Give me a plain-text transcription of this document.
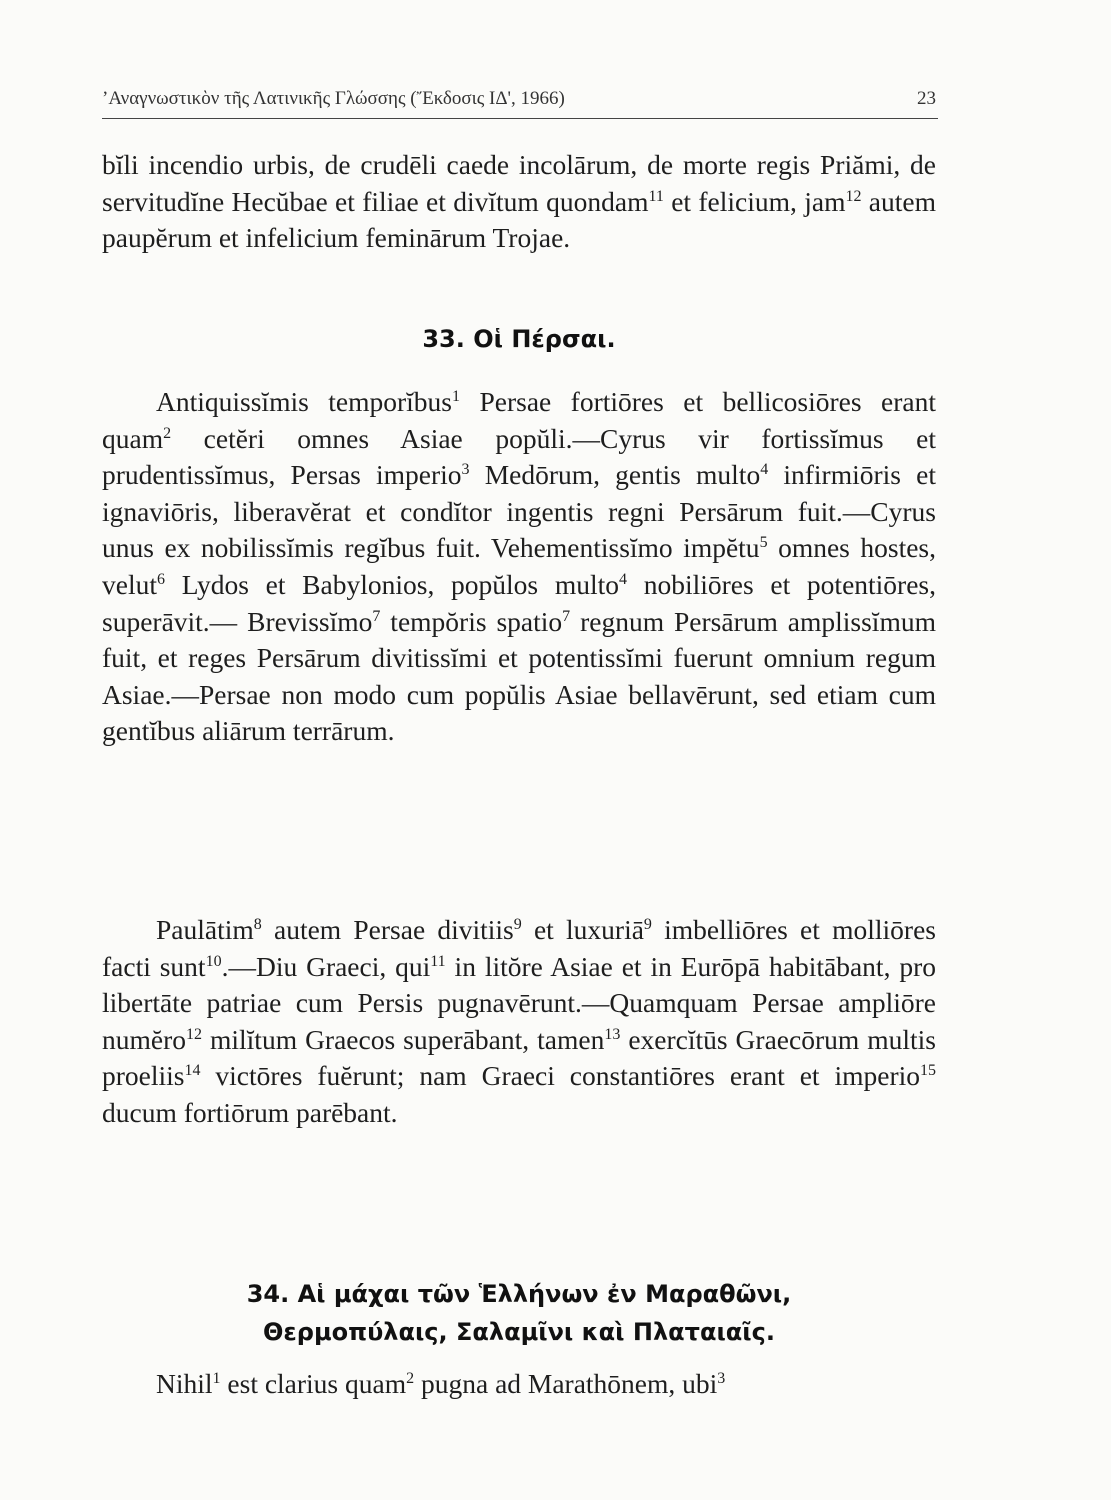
’Αναγνωστικὸν τῆς Λατινικῆς Γλώσσης (Ἔκδοσις ΙΔ', 1966)	23

bĭli incendio urbis, de crudēli caede incolārum, de morte regis Priămi, de servitudĭne Hecŭbae et filiae et divĭtum quondam$^{11}$ et felicium, jam$^{12}$ autem paupĕrum et infelicium feminārum Trojae.

33. Οἱ Πέρσαι.

Antiquissĭmis temporĭbus$^1$ Persae fortiōres et bellicosiōres erant quam$^2$ cetĕri omnes Asiae popŭli.—Cyrus vir fortissĭmus et prudentissĭmus, Persas imperio$^3$ Medōrum, gentis multo$^4$ infirmiōris et ignaviōris, liberavĕrat et condĭtor ingentis regni Persārum fuit.—Cyrus unus ex nobilissĭmis regĭbus fuit. Vehementissĭmo impĕtu$^5$ omnes hostes, velut$^6$ Lydos et Babylonios, popŭlos multo$^4$ nobiliōres et potentiōres, superāvit.— Brevissĭmo$^7$ tempŏris spatio$^7$ regnum Persārum amplissĭmum fuit, et reges Persārum divitissĭmi et potentissĭmi fuerunt omnium regum Asiae.—Persae non modo cum popŭlis Asiae bellavērunt, sed etiam cum gentĭbus aliārum terrārum.

Paulātim$^8$ autem Persae divitiis$^9$ et luxuriā$^9$ imbelliōres et molliōres facti sunt$^{10}$.—Diu Graeci, qui$^{11}$ in litŏre Asiae et in Eurōpā habitābant, pro libertāte patriae cum Persis pugnavērunt.—Quamquam Persae ampliōre numĕro$^{12}$ milĭtum Graecos superābant, tamen$^{13}$ exercĭtūs Graecōrum multis proeliis$^{14}$ victōres fuĕrunt; nam Graeci constantiōres erant et imperio$^{15}$ ducum fortiōrum parēbant.

34. Αἱ μάχαι τῶν Ἑλλήνων ἐν Μαραθῶνι,
Θερμοπύλαις, Σαλαμῖνι καὶ Πλαταιαῖς.

Nihil$^1$ est clarius quam$^2$ pugna ad Marathōnem, ubi$^3$
